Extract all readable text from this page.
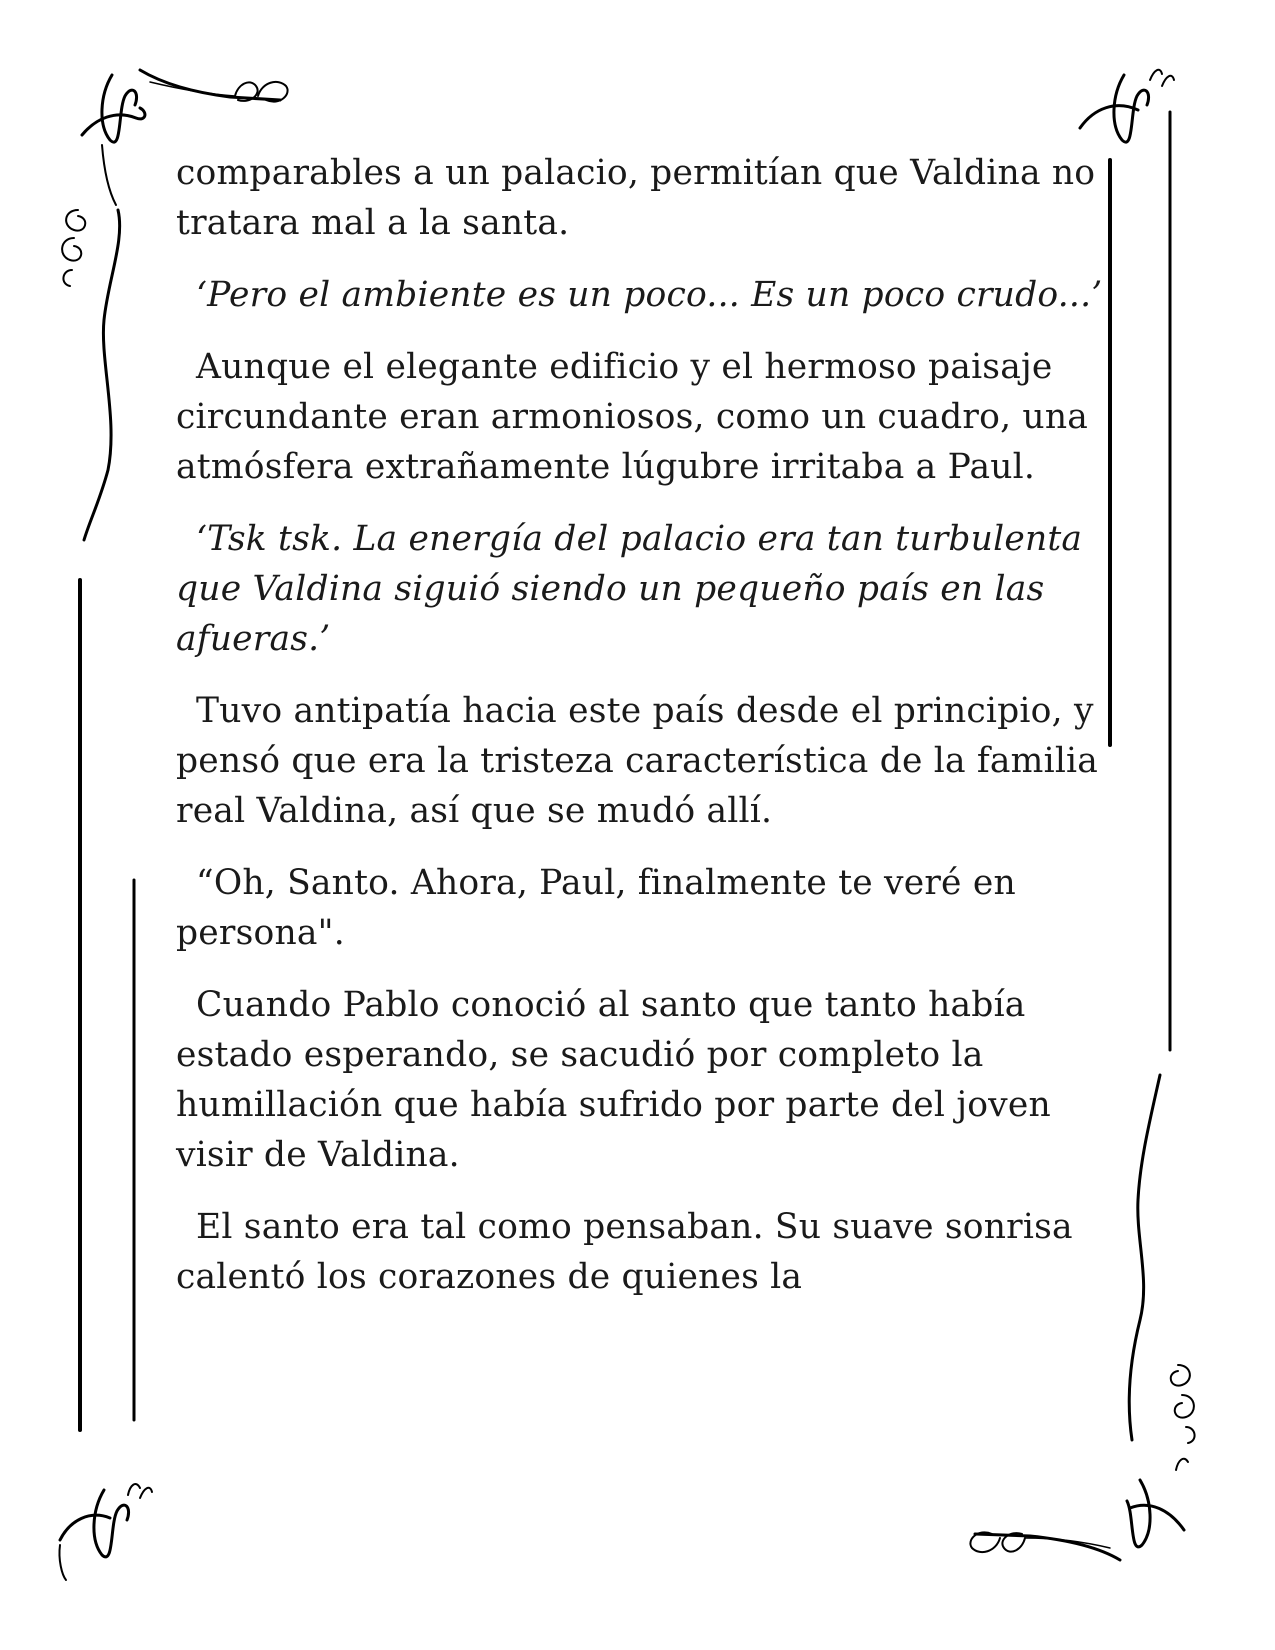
comparables a un palacio, permitían que Valdina no tratara mal a la santa.

‘Pero el ambiente es un poco... Es un poco crudo...’

Aunque el elegante edificio y el hermoso paisaje circundante eran armoniosos, como un cuadro, una atmósfera extrañamente lúgubre irritaba a Paul.

‘Tsk tsk. La energía del palacio era tan turbulenta que Valdina siguió siendo un pequeño país en las afueras.’

Tuvo antipatía hacia este país desde el principio, y pensó que era la tristeza característica de la familia real Valdina, así que se mudó allí.

“Oh, Santo. Ahora, Paul, finalmente te veré en persona".

Cuando Pablo conoció al santo que tanto había estado esperando, se sacudió por completo la humillación que había sufrido por parte del joven visir de Valdina.

El santo era tal como pensaban. Su suave sonrisa calentó los corazones de quienes la
